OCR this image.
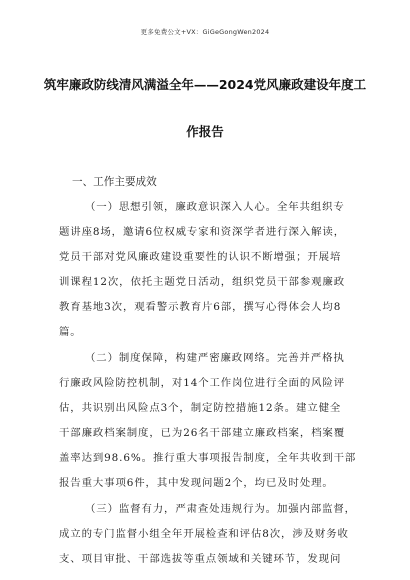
更多免费公文+VX：GiGeGongWen2024
筑牢廉政防线清风满溢全年——2024党风廉政建设年度工
作报告
一、工作主要成效
（一）思想引领，廉政意识深入人心。全年共组织专
题讲座8场，邀请6位权威专家和资深学者进行深入解读，
党员干部对党风廉政建设重要性的认识不断增强；开展培
训课程12次，依托主题党日活动，组织党员干部参观廉政
教育基地3次，观看警示教育片6部，撰写心得体会人均8
篇。
（二）制度保障，构建严密廉政网络。完善并严格执
行廉政风险防控机制，对14个工作岗位进行全面的风险评
估，共识别出风险点3个，制定防控措施12条。建立健全
干部廉政档案制度，已为26名干部建立廉政档案，档案覆
盖率达到98.6%。推行重大事项报告制度，全年共收到干部
报告重大事项6件，其中发现问题2个，均已及时处理。
（三）监督有力，严肃查处违规行为。加强内部监督，
成立的专门监督小组全年开展检查和评估8次，涉及财务收
支、项目审批、干部选拔等重点领域和关键环节，发现问
